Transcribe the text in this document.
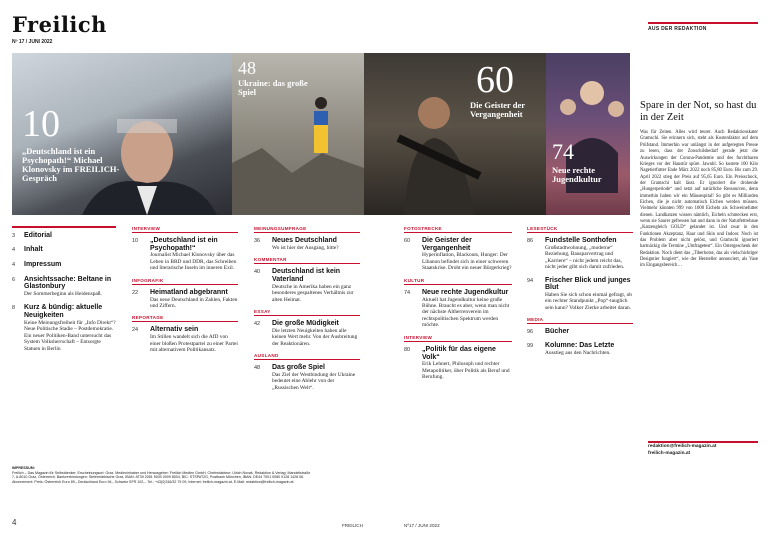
Freilich
Nº 17 / JUNI 2022
AUS DER REDAKTION
10
„Deutschland ist ein Psychopath!“ Michael Klonovsky im FREILICH-Gespräch
48
Ukraine: das große Spiel	60
Die Geister der Vergangenheit
74
Neue rechte Jugendkultur
3 Editorial
4 Inhalt
4 Impressum
6 Ansichtssache: Beltane in Glastonbury
Der Sommerbeginn als Heidenspaß.
8 Kurz & bündig: aktuelle Neuigkeiten
Keine Meinungsfreiheit für „Info Direkt“? Neue Politische Stadie – Postdemokratie. Ein neuer Politiken-Band untersucht das System Volksherrschaft – Entsorgte Statuen in Berlin
INTERVIEW
10 „Deutschland ist ein Psychopath!“
Journalist Michael Klonovsky über das Leben in BRD und DDR, das Schreiben und literarische Inseln im inneren Exil.
INFOGRAFIK
22 Heimatland abgebrannt
Das neue Deutschland in Zahlen, Fakten und Ziffern.
REPORTAGE
24 Alternativ sein
Im Stillen wandelt sich die AfD von einer bloßen Protestpartei zu einer Partei mit alternativem Politikansatz.
MEINUNGSUMFRAGE
36 Neues Deutschland
Wo ist hier der Ausgang, bitte?
KOMMENTAR
40 Deutschland ist kein Vaterland
Deutsche in Amerika haben ein ganz besonderes gespaltenes Verhältnis zur alten Heimat.
ESSAY
42 Die große Müdigkeit
Die letzten Neuigkeiten haben alle keinen Wert mehr. Von der Ausbreitung der Reaktionären.
AUSLAND
48 Das große Spiel
Das Ziel der Westbindung der Ukraine bedeutet eine Ablehr von der „Russischen Welt“.
FOTOSTRECKE
60 Die Geister der Vergangenheit
Hyperinflation, Blackouts, Hunger: Der Libanon befindet sich in einer schweren Staatskrise. Droht ein neuer Bürgerkrieg?
KULTUR
74 Neue rechte Jugendkultur
Aktuell hat Jugendkultur keine große Bühne. Braucht es aber, wenn man nicht der nächste Altherrenverein im rechtspolitischen Spektrum werden möchte.
INTERVIEW
80 „Politik für das eigene Volk“
Erik Lehnert, Philosoph und rechter Metapolitiker, über Politik als Beruf und Berufung.
LESESTÜCK
86 Fundstelle Sonthofen
Großstadtwohnung, „moderne“ Beziehung, Bausparvertrag und „Karriere“ – nicht jedem reicht das, nicht jeder gibt sich damit zufrieden.
94 Frischer Blick und junges Blut
Haben Sie sich schon einmal gefragt, ob ein rechter Standpunkt „Pop“-tauglich sein kann? Volker Zierke arbeitet daran.
MEDIA
96 Bücher
99 Kolumne: Das Letzte
Ausstieg aus den Nachrichten.
Spare in der Not, so hast du in der Zeit
Was für Zeiten. Alles wird teurer. Auch Redaktionskater Gramschi. Sie erinnern sich, steht als Kostenfaktor auf dem Prüfstand. Immerhin war unlängst in der aufgeregten Presse zu lesen, dass der Zooschilsbedarf gerade jetzt die Auswirkungen der Corona-Pandemie und des furchtbaren Krieges vor der Haustür spüre. Jawohl. So kostete 100 Kilo Nagetierfutter Ende März 2022 noch 85,80 Euro. Bis zum 29. April 2022 stieg der Preis auf 95,65 Euro. Ein Preisschock, der Gramschi kalt lässt. Er ignoriert die drohende „Hungerperiode“ und setzt auf natürliche Ressourcen, denn immerhin haben wir ein Mäusespital! So gibt es Milliarden Eichen, die je nicht automatisch Eichen werden müssen. Vielmehr könnten 999 von 1000 Eicheln als Schweinefutter dienen. Landkatzen wissen nämlich, Eicheln schmecken erst, wenn sie Saurer gefressen hat und dann in der Naturfettrebaue „Katzengleich GOLD“ gelandet ist. Und zwar in den Funktionen Akzeptanz, Haar und Skin und Indoor. Noch ist das Problem aber nicht gelöst, und Gramschi ignoriert hartnäckig die Termine „Umfragetest“. Ein Ostergeschenk der Redaktion. Noch dient das „Tiberhotse, das als vielschichtiger Designtier fungiert“, wie der Hersteller annonciert, als Vase im Eingangsbereich…
redaktion@freilich-magazin.at
freilich-magazin.at
IMPRESSUM:
Freilich – Das Magazin für Selbstdenker. Erscheinungsort: Graz. Medieninhaber und Herausgeber: Freilich Medien GmbH, Chefredakteur: Ulrich Novak, Redaktion & Verlag: Mandellstraße 7, A-8010 Graz, Österreich. Bankverbindungen: Steiermärkische Graz, IBAN: AT39 2081 5000 0009 8004, BIC: STSPAT2G, Postbank München, IBAN: DE44 7001 0080 0128 1428 06. Abonnement: Preis: Österreich Euro 89,- Deutschland Euro 94,- Schweiz SFR 102,-. Tel.: +43(0)316/32 79 09, Internet: freilich-magazin.at, E-Mail: redaktion@freilich-magazin.at
4	FREILICH	Nº17 / JUNI 2022
